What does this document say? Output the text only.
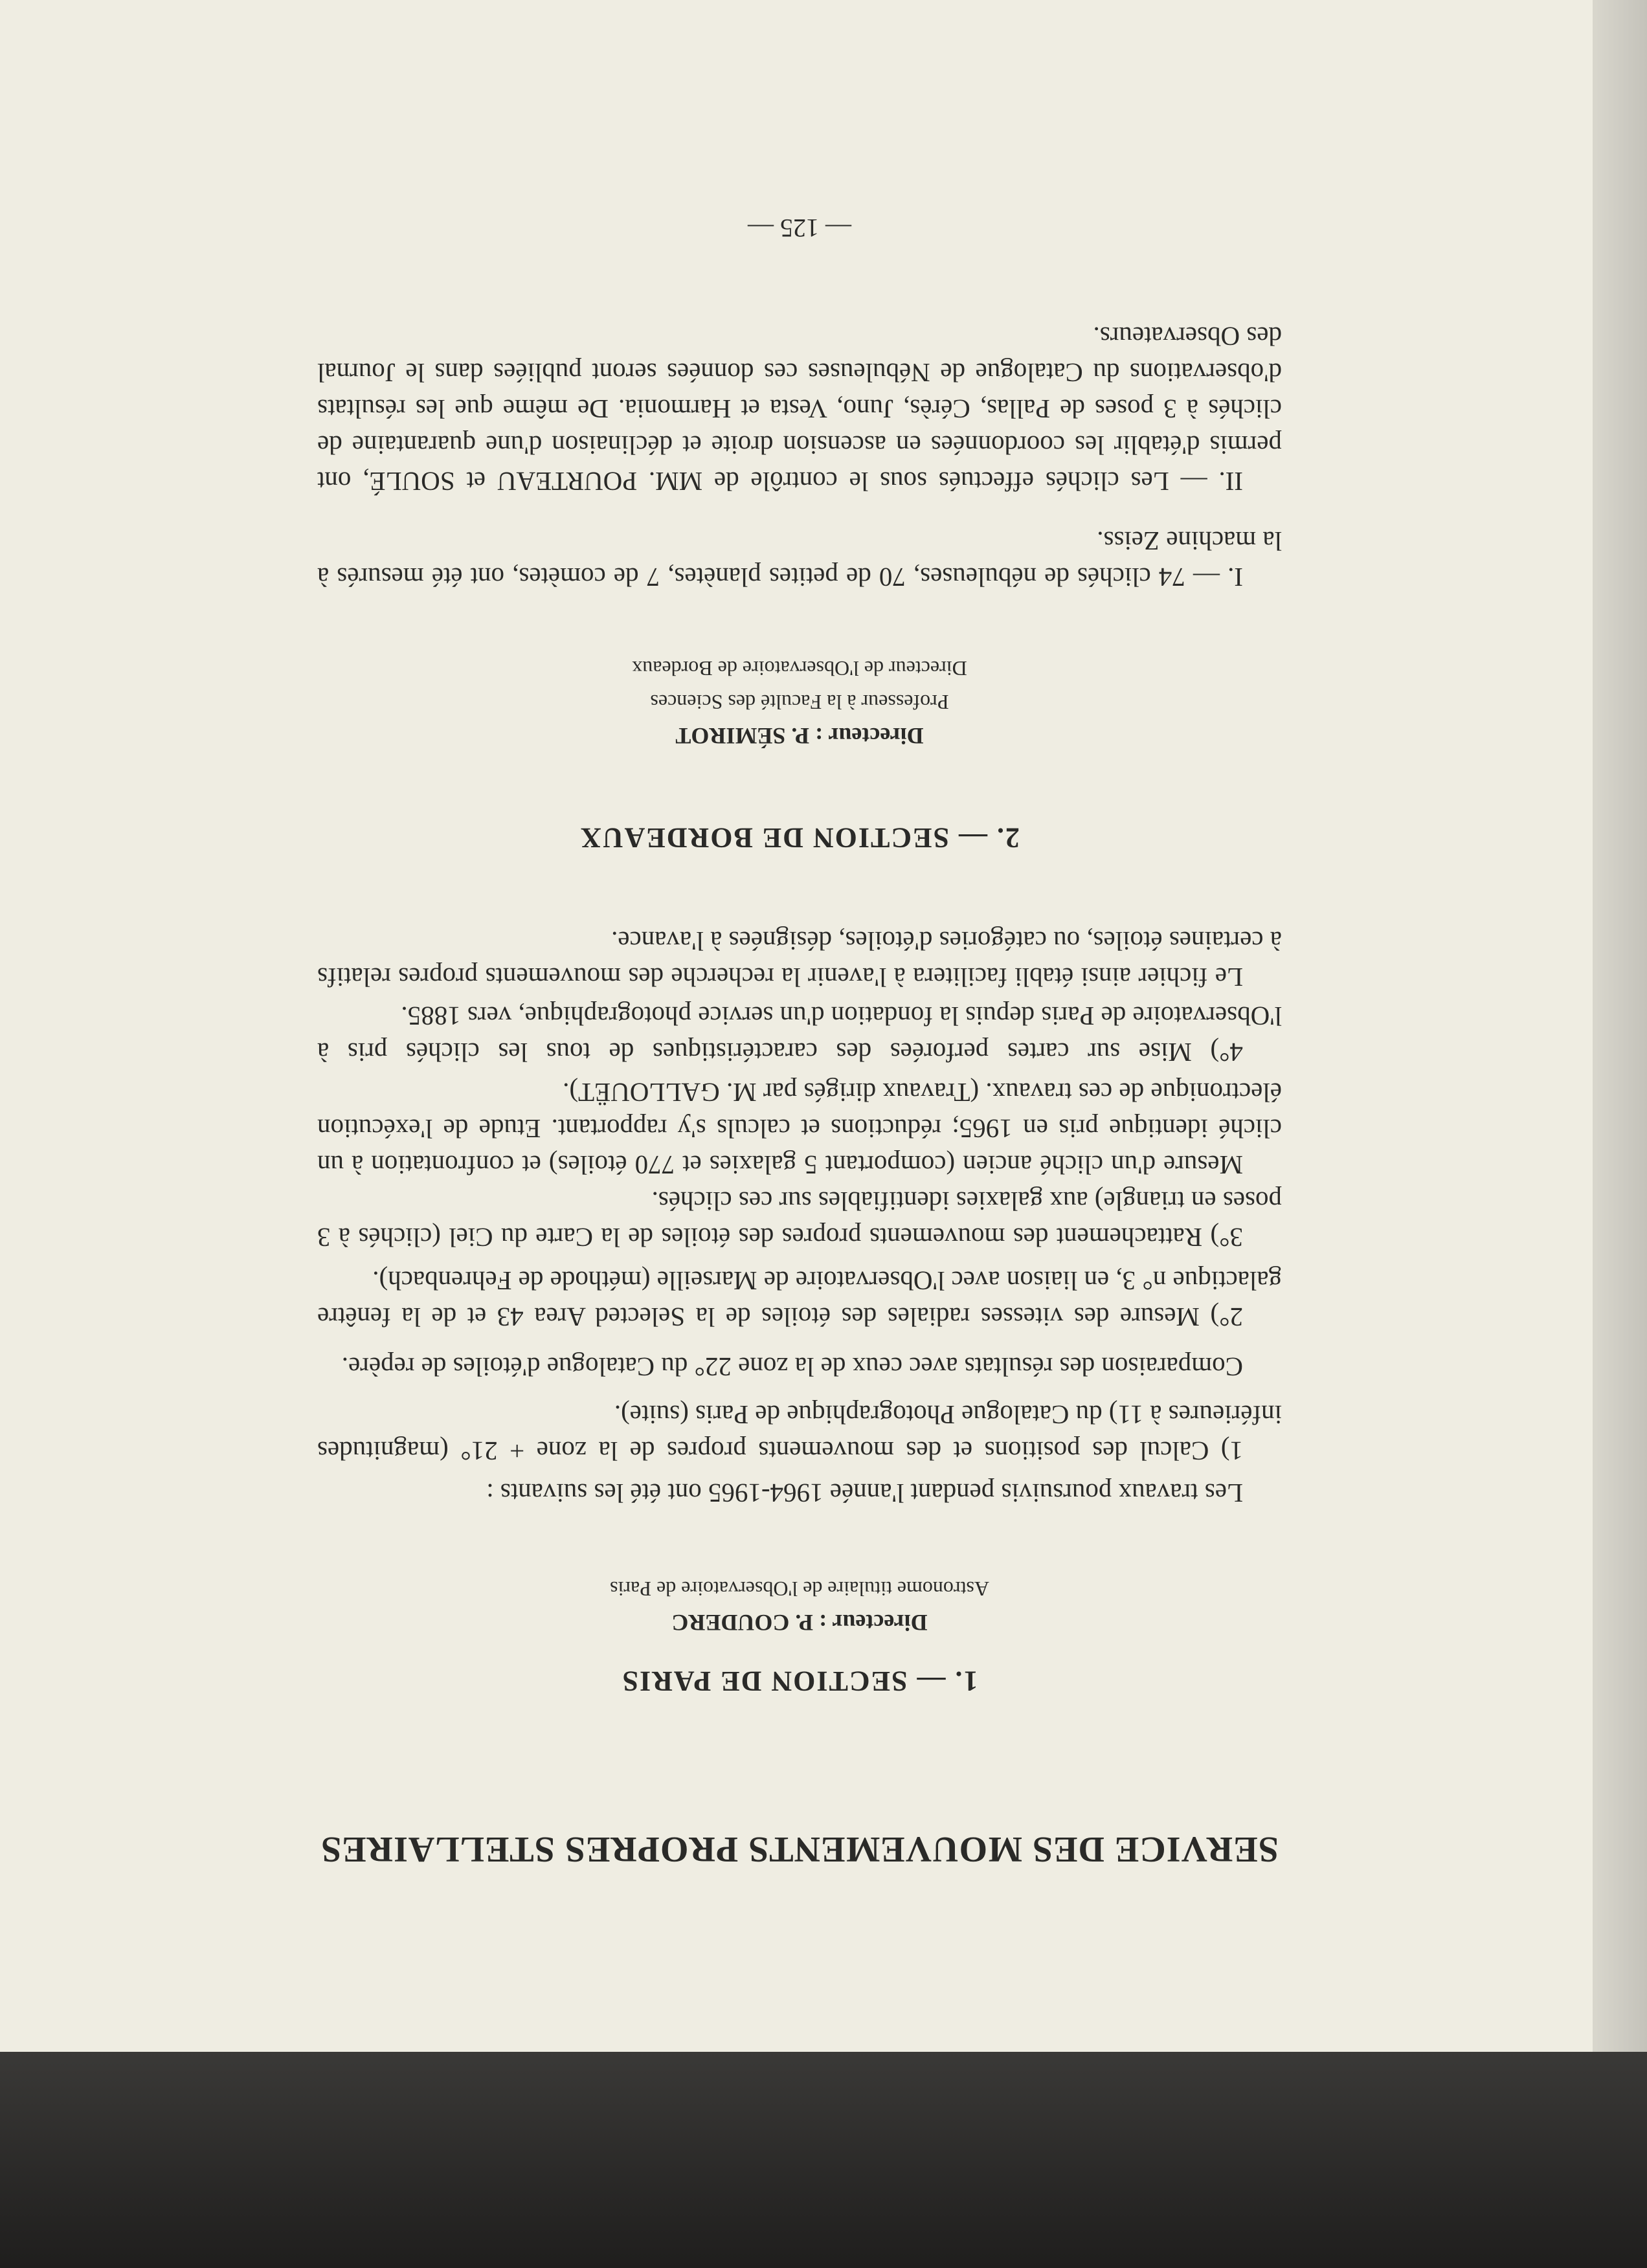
SERVICE DES MOUVEMENTS PROPRES STELLAIRES
1. — SECTION DE PARIS
Directeur : P. COUDERC
Astronome titulaire de l'Observatoire de Paris
Les travaux poursuivis pendant l'année 1964-1965 ont été les suivants :
1) Calcul des positions et des mouvements propres de la zone + 21° (magnitudes inférieures à 11) du Catalogue Photographique de Paris (suite).
Comparaison des résultats avec ceux de la zone 22° du Catalogue d'étoiles de repère.
2°) Mesure des vitesses radiales des étoiles de la Selected Area 43 et de la fenêtre galactique n° 3, en liaison avec l'Observatoire de Marseille (méthode de Fehrenbach).
3°) Rattachement des mouvements propres des étoiles de la Carte du Ciel (clichés à 3 poses en triangle) aux galaxies identifiables sur ces clichés.
Mesure d'un cliché ancien (comportant 5 galaxies et 770 étoiles) et confrontation à un cliché identique pris en 1965; réductions et calculs s'y rapportant. Etude de l'exécution électronique de ces travaux. (Travaux dirigés par M. GALLOUËT).
4°) Mise sur cartes perforées des caractéristiques de tous les clichés pris à l'Observatoire de Paris depuis la fondation d'un service photographique, vers 1885.
Le fichier ainsi établi facilitera à l'avenir la recherche des mouvements propres relatifs à certaines étoiles, ou catégories d'étoiles, désignées à l'avance.
2. — SECTION DE BORDEAUX
Directeur : P. SÉMIROT
Professeur à la Faculté des Sciences
Directeur de l'Observatoire de Bordeaux
I. — 74 clichés de nébuleuses, 70 de petites planètes, 7 de comètes, ont été mesurés à la machine Zeiss.
II. — Les clichés effectués sous le contrôle de MM. POURTEAU et SOULÉ, ont permis d'établir les coordonnées en ascension droite et déclinaison d'une quarantaine de clichés à 3 poses de Pallas, Cérès, Juno, Vesta et Harmonia. De même que les résultats d'observations du Catalogue de Nébuleuses ces données seront publiées dans le Journal des Observateurs.
— 125 —
